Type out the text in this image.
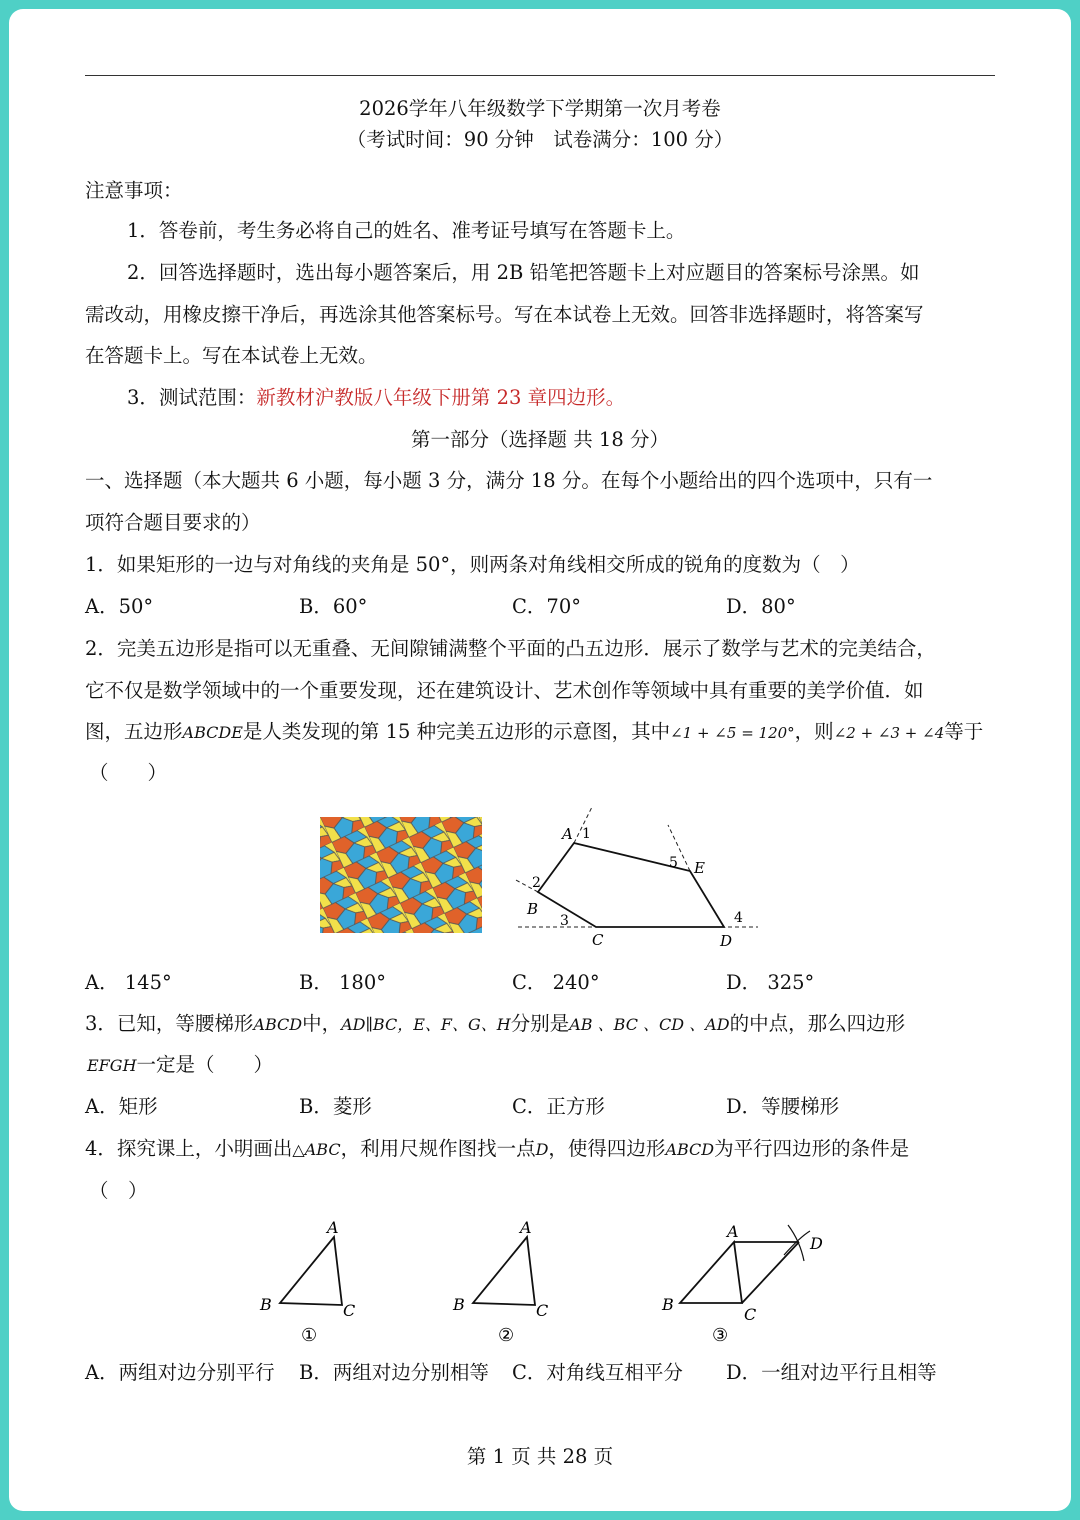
2026学年八年级数学下学期第一次月考卷
（考试时间：90 分钟　试卷满分：100 分）
注意事项：
1．答卷前，考生务必将自己的姓名、准考证号填写在答题卡上。
2．回答选择题时，选出每小题答案后，用 2B 铅笔把答题卡上对应题目的答案标号涂黑。如
需改动，用橡皮擦干净后，再选涂其他答案标号。写在本试卷上无效。回答非选择题时，将答案写
在答题卡上。写在本试卷上无效。
3．测试范围：新教材沪教版八年级下册第 23 章四边形。
第一部分（选择题 共 18 分）
一、选择题（本大题共 6 小题，每小题 3 分，满分 18 分。在每个小题给出的四个选项中，只有一
项符合题目要求的）
1．如果矩形的一边与对角线的夹角是 50°，则两条对角线相交所成的锐角的度数为（　）
A．50°	B．60°	C．70°	D．80°
2．完美五边形是指可以无重叠、无间隙铺满整个平面的凸五边形．展示了数学与艺术的完美结合，
它不仅是数学领域中的一个重要发现，还在建筑设计、艺术创作等领域中具有重要的美学价值．如
图，五边形ABCDE是人类发现的第 15 种完美五边形的示意图，其中∠1 + ∠5 = 120°，则∠2 + ∠3 + ∠4等于
（　　）
A 1
5 E
2
B
3
C	D
4
A． 145°	B． 180°	C． 240°	D． 325°
3．已知，等腰梯形ABCD中，AD∥BC，E、F、G、H分别是AB 、BC 、CD 、AD的中点，那么四边形
EFGH一定是（　　）
A．矩形	B．菱形	C．正方形	D．等腰梯形
4．探究课上，小明画出△ABC，利用尺规作图找一点D，使得四边形ABCD为平行四边形的条件是
（　）
A
B	C
①
A
B	C
②
A
D
B
C
③
A．两组对边分别平行 B．两组对边分别相等 C．对角线互相平分 D．一组对边平行且相等
第 1 页 共 28 页
